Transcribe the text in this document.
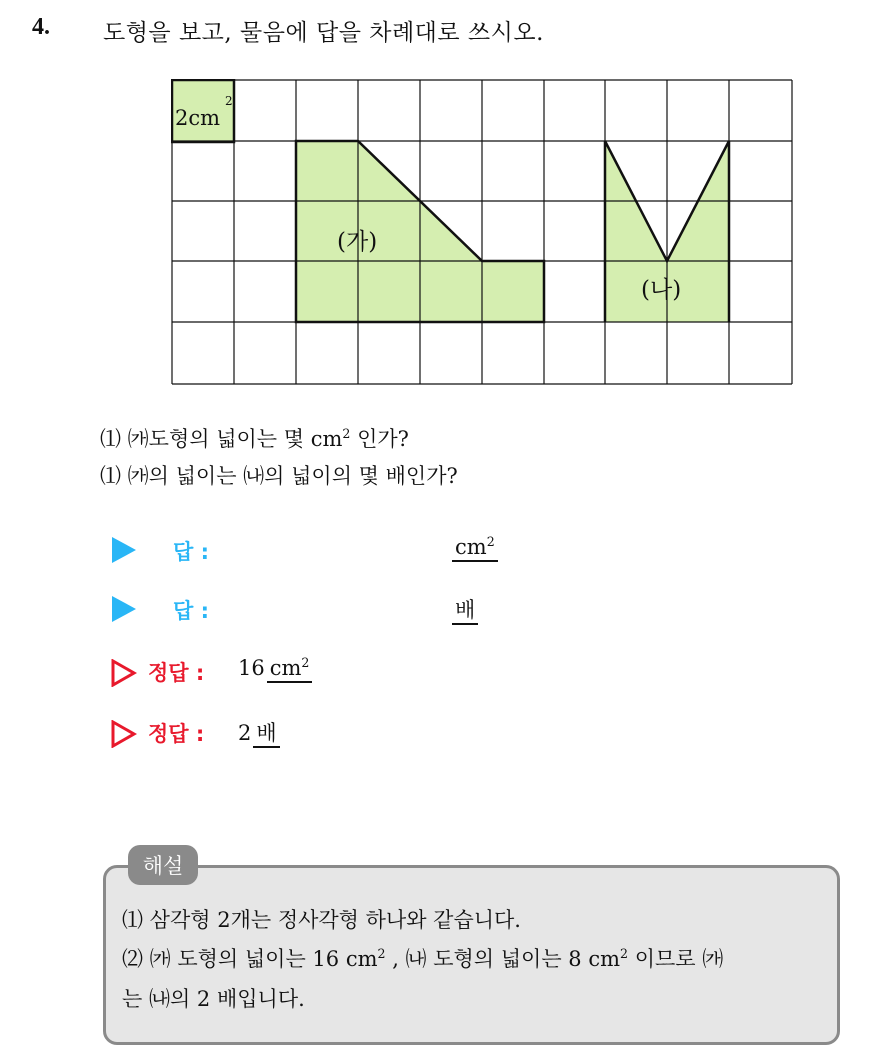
4. 도형을 보고, 물음에 답을 차례대로 쓰시오.
2cm
2
(가)
(나)
⑴ ㈎도형의 넓이는 몇 $cm^2$ 인가?
⑴ ㈎의 넓이는 ㈏의 넓이의 몇 배인가?
답 :	$cm^2$
답 :	배
정답 : 16 $cm^2$
정답 : 2 배
해설
⑴ 삼각형 2개는 정사각형 하나와 같습니다.
⑵ ㈎ 도형의 넓이는 16 $cm^2$ , ㈏ 도형의 넓이는 8 $cm^2$ 이므로 ㈎
는 ㈏의 2 배입니다.
